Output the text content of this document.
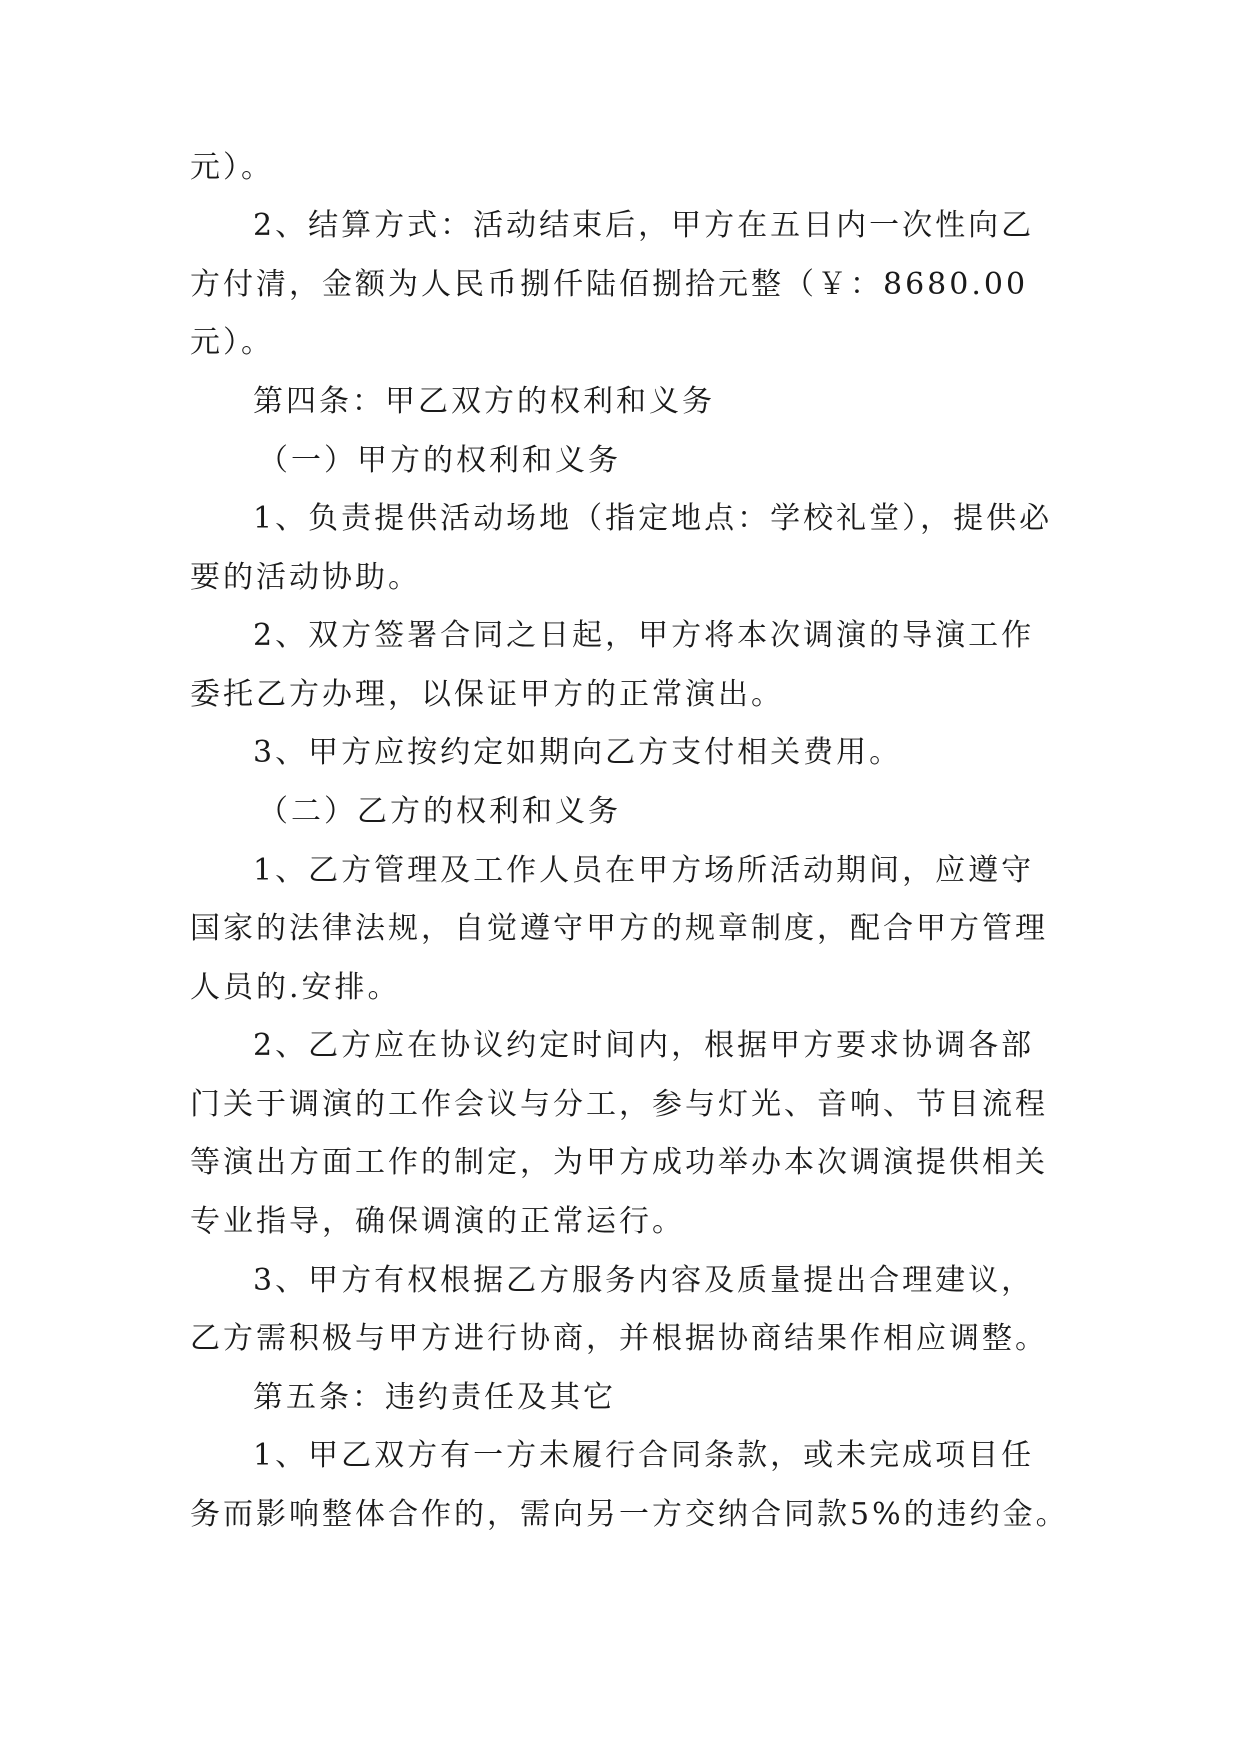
元）。
2、结算方式：活动结束后，甲方在五日内一次性向乙
方付清，金额为人民币捌仟陆佰捌拾元整（￥：8680.00
元）。
第四条：甲乙双方的权利和义务
（一）甲方的权利和义务
1、负责提供活动场地（指定地点：学校礼堂），提供必
要的活动协助。
2、双方签署合同之日起，甲方将本次调演的导演工作
委托乙方办理，以保证甲方的正常演出。
3、甲方应按约定如期向乙方支付相关费用。
（二）乙方的权利和义务
1、乙方管理及工作人员在甲方场所活动期间，应遵守
国家的法律法规，自觉遵守甲方的规章制度，配合甲方管理
人员的.安排。
2、乙方应在协议约定时间内，根据甲方要求协调各部
门关于调演的工作会议与分工，参与灯光、音响、节目流程
等演出方面工作的制定，为甲方成功举办本次调演提供相关
专业指导，确保调演的正常运行。
3、甲方有权根据乙方服务内容及质量提出合理建议，
乙方需积极与甲方进行协商，并根据协商结果作相应调整。
第五条：违约责任及其它
1、甲乙双方有一方未履行合同条款，或未完成项目任
务而影响整体合作的，需向另一方交纳合同款5%的违约金。
